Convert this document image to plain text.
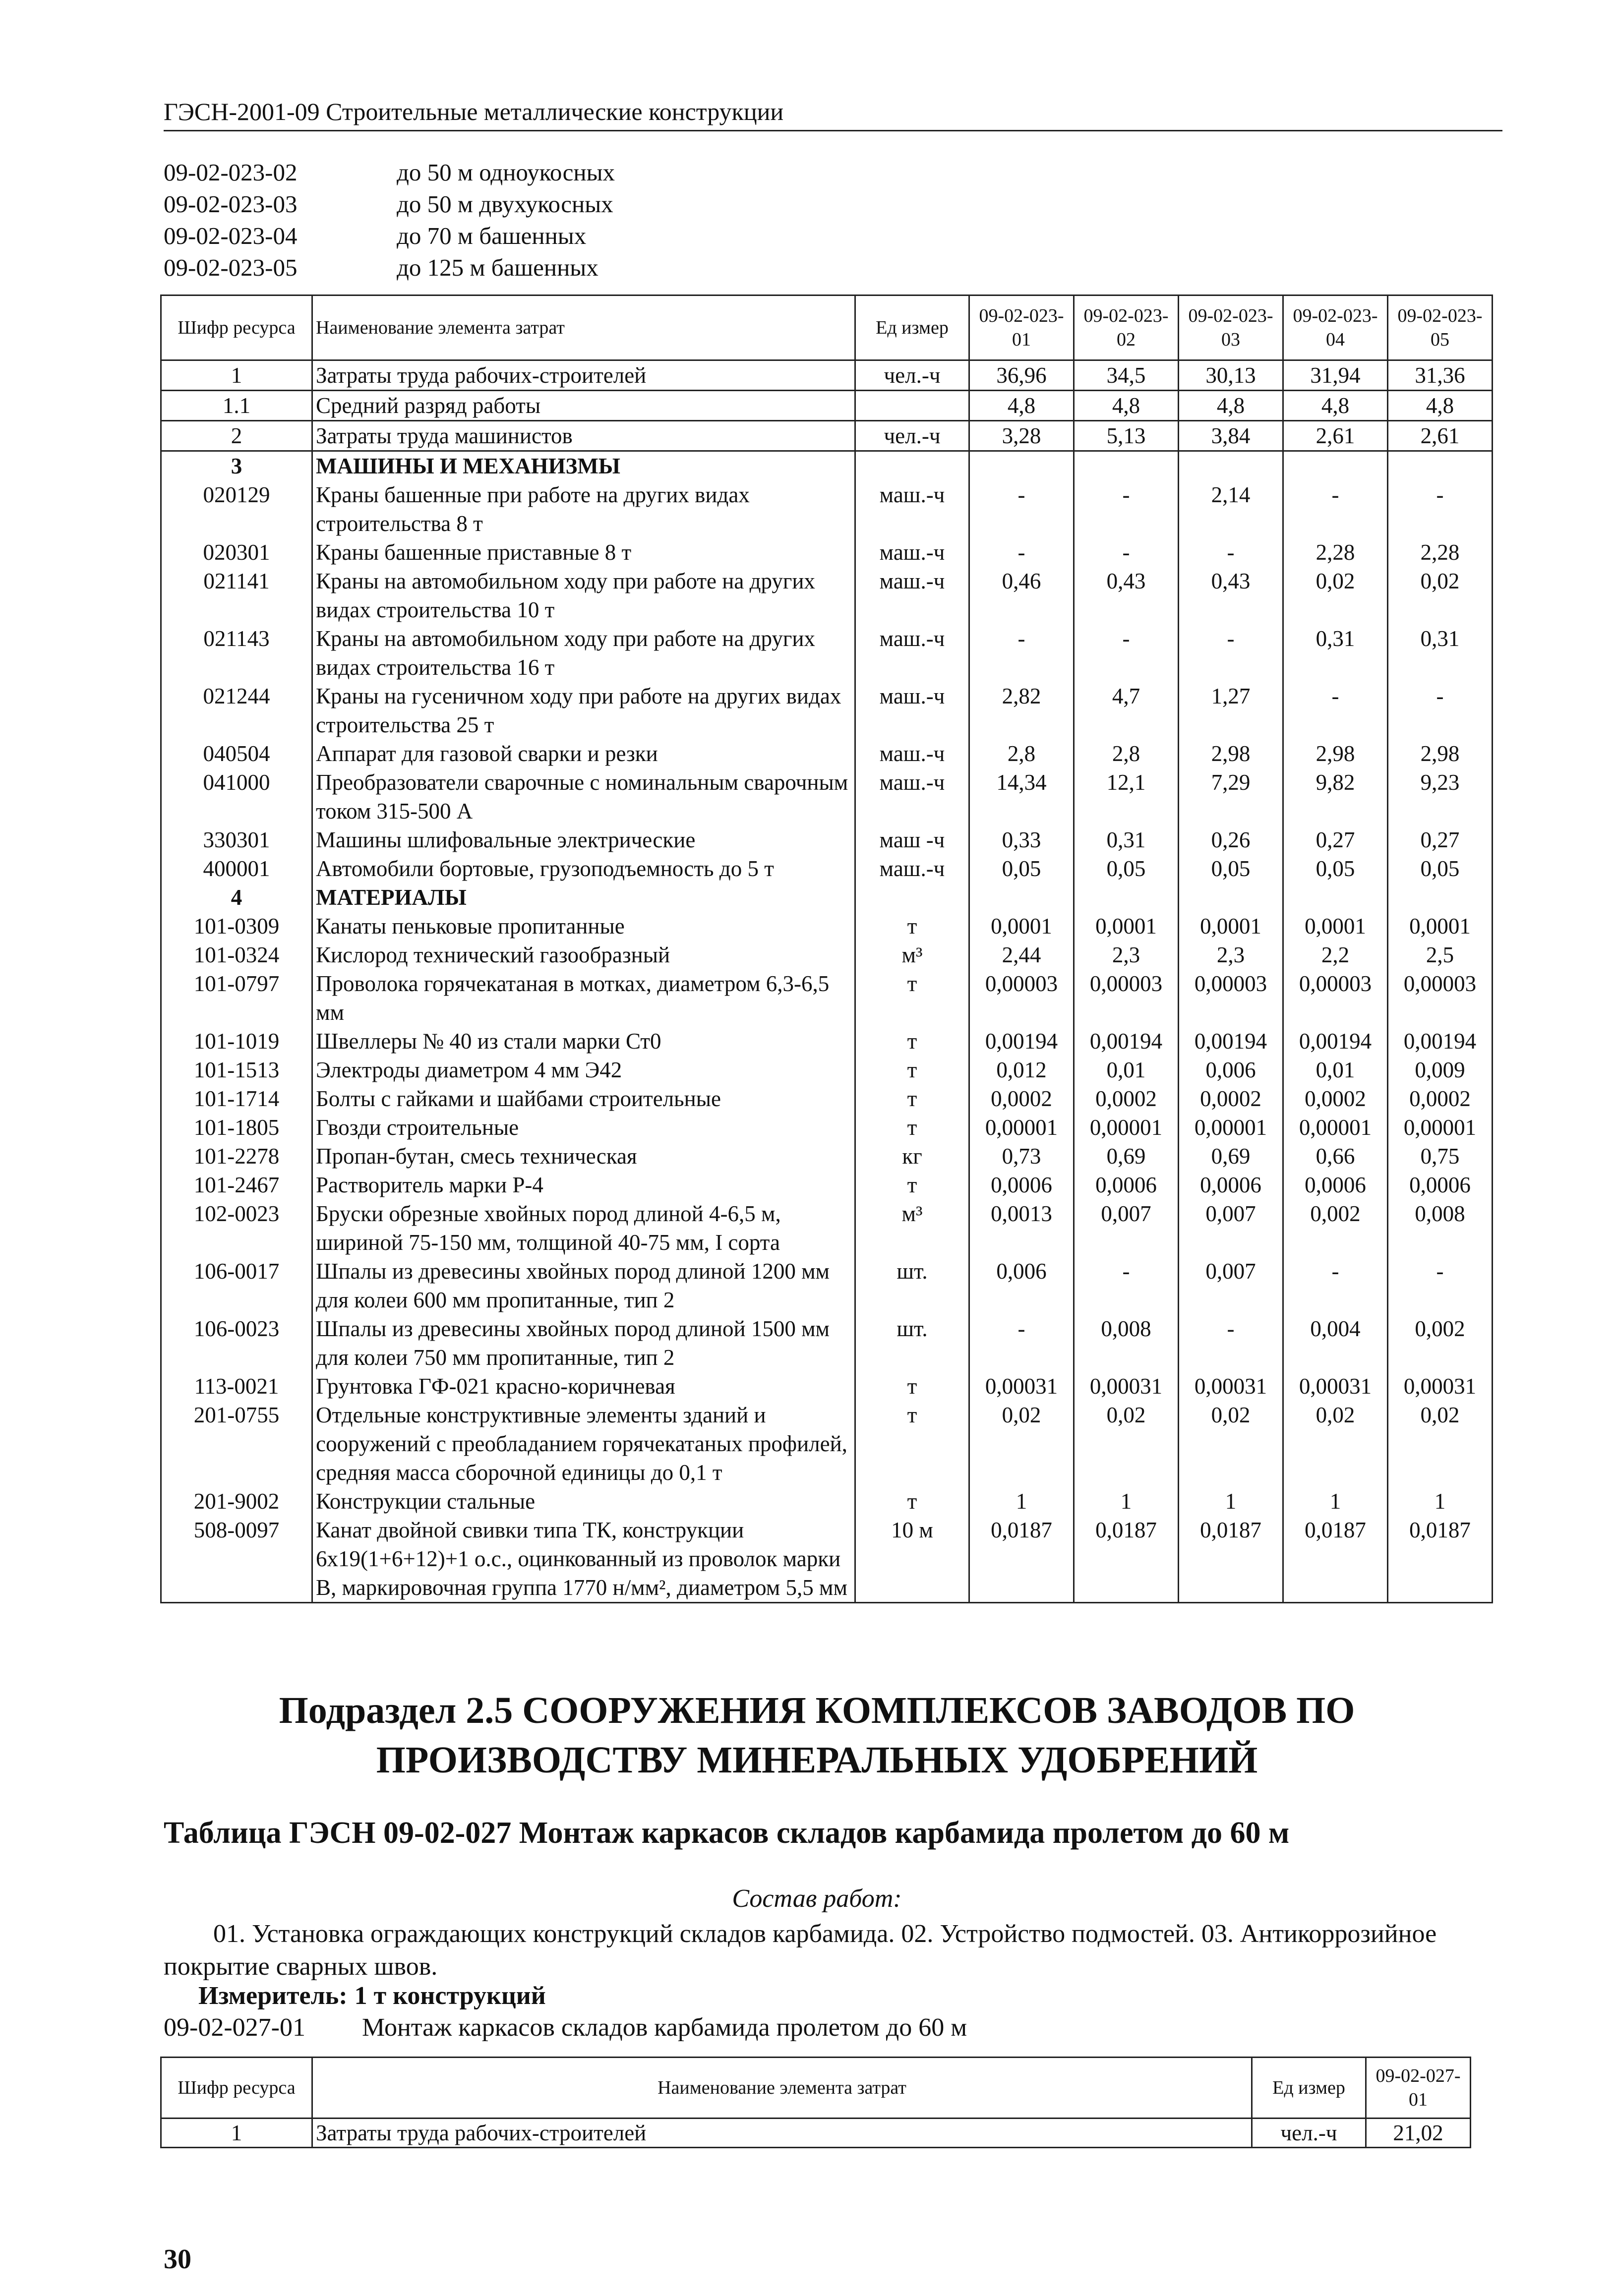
ГЭСН-2001-09 Строительные металлические конструкции
09-02-023-02	до 50 м одноукосных
09-02-023-03	до 50 м двухукосных
09-02-023-04	до 70 м башенных
09-02-023-05	до 125 м башенных
Шифр ресурса	Наименование элемента затрат	Ед измер	09-02-023-01	09-02-023-02	09-02-023-03	09-02-023-04	09-02-023-05
1	Затраты труда рабочих-строителей	чел.-ч	36,96	34,5	30,13	31,94	31,36
1.1	Средний разряд работы		4,8	4,8	4,8	4,8	4,8
2	Затраты труда машинистов	чел.-ч	3,28	5,13	3,84	2,61	2,61
3	МАШИНЫ И МЕХАНИЗМЫ						
020129	Краны башенные при работе на других видах строительства 8 т	маш.-ч	-	-	2,14	-	-
020301	Краны башенные приставные 8 т	маш.-ч	-	-	-	2,28	2,28
021141	Краны на автомобильном ходу при работе на других видах строительства 10 т	маш.-ч	0,46	0,43	0,43	0,02	0,02
021143	Краны на автомобильном ходу при работе на других видах строительства 16 т	маш.-ч	-	-	-	0,31	0,31
021244	Краны на гусеничном ходу при работе на других видах строительства 25 т	маш.-ч	2,82	4,7	1,27	-	-
040504	Аппарат для газовой сварки и резки	маш.-ч	2,8	2,8	2,98	2,98	2,98
041000	Преобразователи сварочные с номинальным сварочным током 315-500 А	маш.-ч	14,34	12,1	7,29	9,82	9,23
330301	Машины шлифовальные электрические	маш -ч	0,33	0,31	0,26	0,27	0,27
400001	Автомобили бортовые, грузоподъемность до 5 т	маш.-ч	0,05	0,05	0,05	0,05	0,05
4	МАТЕРИАЛЫ						
101-0309	Канаты пеньковые пропитанные	т	0,0001	0,0001	0,0001	0,0001	0,0001
101-0324	Кислород технический газообразный	м³	2,44	2,3	2,3	2,2	2,5
101-0797	Проволока горячекатаная в мотках, диаметром 6,3-6,5 мм	т	0,00003	0,00003	0,00003	0,00003	0,00003
101-1019	Швеллеры № 40 из стали марки Ст0	т	0,00194	0,00194	0,00194	0,00194	0,00194
101-1513	Электроды диаметром 4 мм Э42	т	0,012	0,01	0,006	0,01	0,009
101-1714	Болты с гайками и шайбами строительные	т	0,0002	0,0002	0,0002	0,0002	0,0002
101-1805	Гвозди строительные	т	0,00001	0,00001	0,00001	0,00001	0,00001
101-2278	Пропан-бутан, смесь техническая	кг	0,73	0,69	0,69	0,66	0,75
101-2467	Растворитель марки Р-4	т	0,0006	0,0006	0,0006	0,0006	0,0006
102-0023	Бруски обрезные хвойных пород длиной 4-6,5 м, шириной 75-150 мм, толщиной 40-75 мм, I сорта	м³	0,0013	0,007	0,007	0,002	0,008
106-0017	Шпалы из древесины хвойных пород длиной 1200 мм для колеи 600 мм пропитанные, тип 2	шт.	0,006	-	0,007	-	-
106-0023	Шпалы из древесины хвойных пород длиной 1500 мм для колеи 750 мм пропитанные, тип 2	шт.	-	0,008	-	0,004	0,002
113-0021	Грунтовка ГФ-021 красно-коричневая	т	0,00031	0,00031	0,00031	0,00031	0,00031
201-0755	Отдельные конструктивные элементы зданий и сооружений с преобладанием горячекатаных профилей, средняя масса сборочной единицы до 0,1 т	т	0,02	0,02	0,02	0,02	0,02
201-9002	Конструкции стальные	т	1	1	1	1	1
508-0097	Канат двойной свивки типа ТК, конструкции 6х19(1+6+12)+1 о.с., оцинкованный из проволок марки В, маркировочная группа 1770 н/мм², диаметром 5,5 мм	10 м	0,0187	0,0187	0,0187	0,0187	0,0187
Подраздел 2.5 СООРУЖЕНИЯ КОМПЛЕКСОВ ЗАВОДОВ ПО
ПРОИЗВОДСТВУ МИНЕРАЛЬНЫХ УДОБРЕНИЙ
Таблица ГЭСН 09-02-027 Монтаж каркасов складов карбамида пролетом до 60 м
Состав работ:
01. Установка ограждающих конструкций складов карбамида. 02. Устройство подмостей. 03. Антикоррозийное покрытие сварных швов.
Измеритель: 1 т конструкций
09-02-027-01 Монтаж каркасов складов карбамида пролетом до 60 м
Шифр ресурса	Наименование элемента затрат	Ед измер	09-02-027-01
1	Затраты труда рабочих-строителей	чел.-ч	21,02
30
